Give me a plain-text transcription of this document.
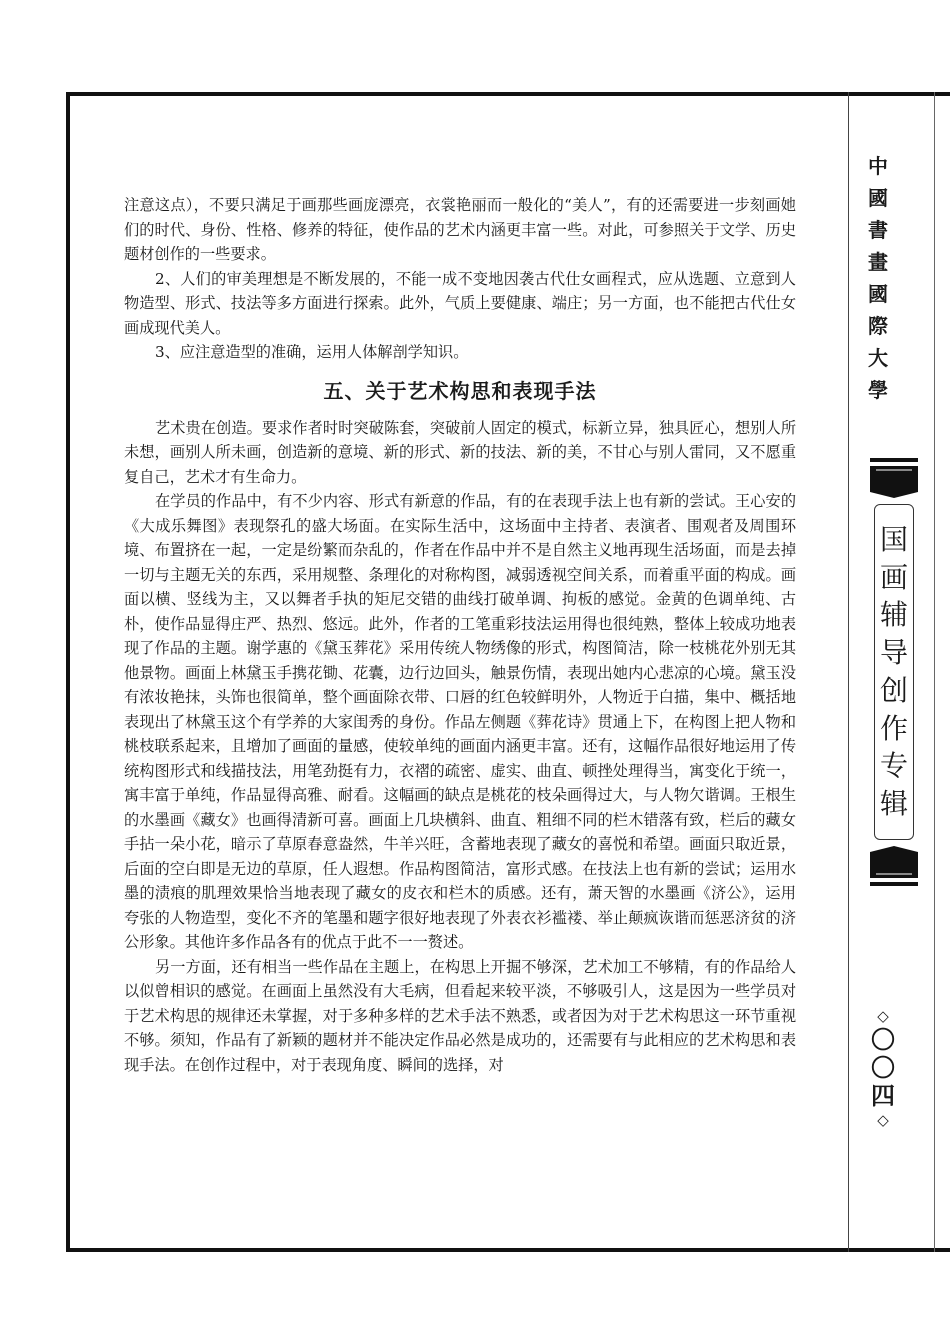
注意这点），不要只满足于画那些画庞漂亮，衣裳艳丽而一般化的“美人”，有的还需要进一步刻画她们的时代、身份、性格、修养的特征，使作品的艺术内涵更丰富一些。对此，可参照关于文学、历史题材创作的一些要求。

2、人们的审美理想是不断发展的，不能一成不变地因袭古代仕女画程式，应从选题、立意到人物造型、形式、技法等多方面进行探索。此外，气质上要健康、端庄；另一方面，也不能把古代仕女画成现代美人。

3、应注意造型的准确，运用人体解剖学知识。

五、关于艺术构思和表现手法

艺术贵在创造。要求作者时时突破陈套，突破前人固定的模式，标新立异，独具匠心，想别人所未想，画别人所未画，创造新的意境、新的形式、新的技法、新的美，不甘心与别人雷同，又不愿重复自己，艺术才有生命力。

在学员的作品中，有不少内容、形式有新意的作品，有的在表现手法上也有新的尝试。王心安的《大成乐舞图》表现祭孔的盛大场面。在实际生活中，这场面中主持者、表演者、围观者及周围环境、布置挤在一起，一定是纷繁而杂乱的，作者在作品中并不是自然主义地再现生活场面，而是去掉一切与主题无关的东西，采用规整、条理化的对称构图，减弱透视空间关系，而着重平面的构成。画面以横、竖线为主，又以舞者手执的矩尼交错的曲线打破单调、拘板的感觉。金黄的色调单纯、古朴，使作品显得庄严、热烈、悠远。此外，作者的工笔重彩技法运用得也很纯熟，整体上较成功地表现了作品的主题。谢学惠的《黛玉葬花》采用传统人物绣像的形式，构图简洁，除一枝桃花外别无其他景物。画面上林黛玉手携花锄、花囊，边行边回头，触景伤情，表现出她内心悲凉的心境。黛玉没有浓妆艳抹，头饰也很简单，整个画面除衣带、口唇的红色较鲜明外，人物近于白描，集中、概括地表现出了林黛玉这个有学养的大家闺秀的身份。作品左侧题《葬花诗》贯通上下，在构图上把人物和桃枝联系起来，且增加了画面的量感，使较单纯的画面内涵更丰富。还有，这幅作品很好地运用了传统构图形式和线描技法，用笔劲挺有力，衣褶的疏密、虚实、曲直、顿挫处理得当，寓变化于统一，寓丰富于单纯，作品显得高雅、耐看。这幅画的缺点是桃花的枝朵画得过大，与人物欠谐调。王根生的水墨画《藏女》也画得清新可喜。画面上几块横斜、曲直、粗细不同的栏木错落有致，栏后的藏女手拈一朵小花，暗示了草原春意盎然，牛羊兴旺，含蓄地表现了藏女的喜悦和希望。画面只取近景，后面的空白即是无边的草原，任人遐想。作品构图简洁，富形式感。在技法上也有新的尝试；运用水墨的渍痕的肌理效果恰当地表现了藏女的皮衣和栏木的质感。还有，萧天智的水墨画《济公》，运用夸张的人物造型，变化不齐的笔墨和题字很好地表现了外表衣衫褴褛、举止颠疯诙谐而惩恶济贫的济公形象。其他许多作品各有的优点于此不一一赘述。

另一方面，还有相当一些作品在主题上，在构思上开掘不够深，艺术加工不够精，有的作品给人以似曾相识的感觉。在画面上虽然没有大毛病，但看起来较平淡，不够吸引人，这是因为一些学员对于艺术构思的规律还未掌握，对于多种多样的艺术手法不熟悉，或者因为对于艺术构思这一环节重视不够。须知，作品有了新颖的题材并不能决定作品必然是成功的，还需要有与此相应的艺术构思和表现手法。在创作过程中，对于表现角度、瞬间的选择，对

中
國
書
畫
國
際
大
學
国
画
辅
导
创
作
专
辑
◇
〇
〇
四
◇
